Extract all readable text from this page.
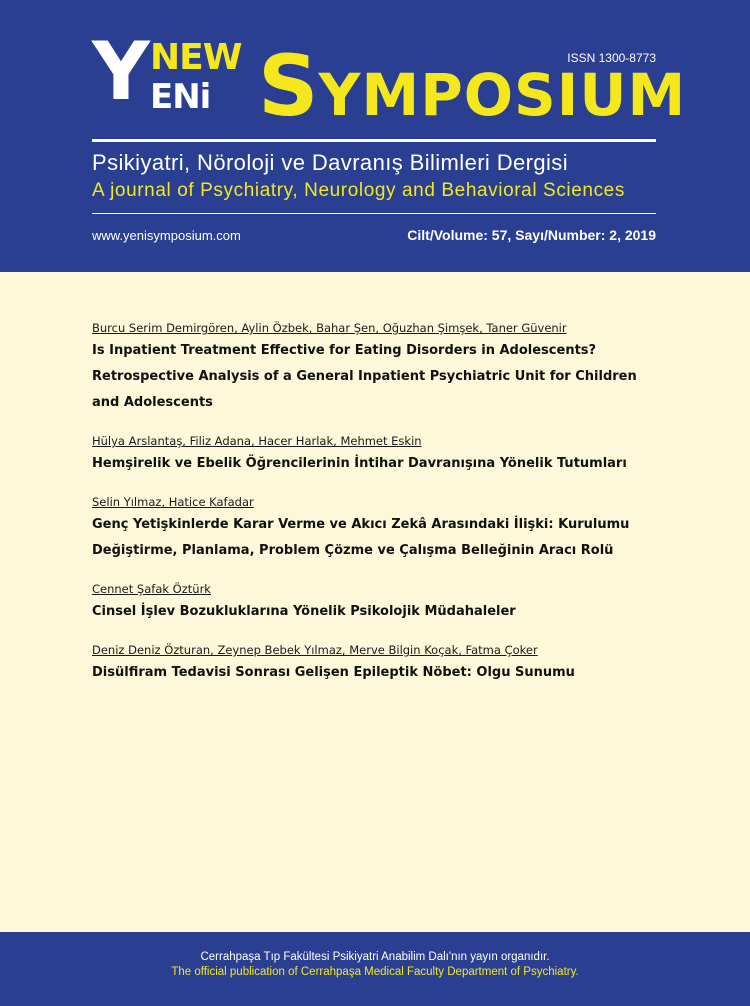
Y NEW
ENi SYMPOSIUM
ISSN 1300-8773
Psikiyatri, Nöroloji ve Davranış Bilimleri Dergisi
A journal of Psychiatry, Neurology and Behavioral Sciences
www.yenisymposium.com	Cilt/Volume: 57, Sayı/Number: 2, 2019
Burcu Serim Demirgören, Aylin Özbek, Bahar Şen, Oğuzhan Şimşek, Taner Güvenir
Is Inpatient Treatment Effective for Eating Disorders in Adolescents? Retrospective Analysis of a General Inpatient Psychiatric Unit for Children and Adolescents
Hülya Arslantaş, Filiz Adana, Hacer Harlak, Mehmet Eskin
Hemşirelik ve Ebelik Öğrencilerinin İntihar Davranışına Yönelik Tutumları
Selin Yılmaz, Hatice Kafadar
Genç Yetişkinlerde Karar Verme ve Akıcı Zekâ Arasındaki İlişki: Kurulumu Değiştirme, Planlama, Problem Çözme ve Çalışma Belleğinin Aracı Rolü
Cennet Şafak Öztürk
Cinsel İşlev Bozukluklarına Yönelik Psikolojik Müdahaleler
Deniz Deniz Özturan, Zeynep Bebek Yılmaz, Merve Bilgin Koçak, Fatma Çoker
Disülfiram Tedavisi Sonrası Gelişen Epileptik Nöbet: Olgu Sunumu
Cerrahpaşa Tıp Fakültesi Psikiyatri Anabilim Dalı'nın yayın organıdır.
The official publication of Cerrahpaşa Medical Faculty Department of Psychiatry.
